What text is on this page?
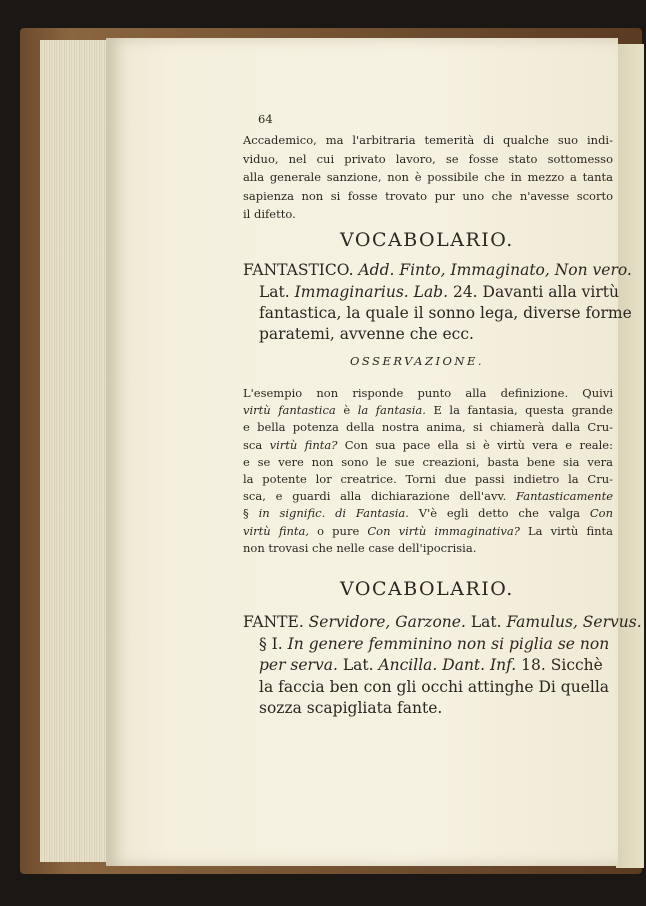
64
Accademico, ma l'arbitraria temerità di qualche suo indi-
viduo, nel cui privato lavoro, se fosse stato sottomesso
alla generale sanzione, non è possibile che in mezzo a tanta
sapienza non si fosse trovato pur uno che n'avesse scorto
il difetto.
VOCABOLARIO.
FANTASTICO. Add. Finto, Immaginato, Non vero.
Lat. Immaginarius. Lab. 24. Davanti alla virtù
fantastica, la quale il sonno lega, diverse forme
paratemi, avvenne che ecc.
OSSERVAZIONE.
L'esempio non risponde punto alla definizione. Quivi
virtù fantastica è la fantasia. E la fantasia, questa grande
e bella potenza della nostra anima, si chiamerà dalla Cru-
sca virtù finta? Con sua pace ella si è virtù vera e reale:
e se vere non sono le sue creazioni, basta bene sia vera
la potente lor creatrice. Torni due passi indietro la Cru-
sca, e guardi alla dichiarazione dell'avv. Fantasticamente
§ in signific. di Fantasia. V'è egli detto che valga Con
virtù finta, o pure Con virtù immaginativa? La virtù finta
non trovasi che nelle case dell'ipocrisia.
VOCABOLARIO.
FANTE. Servidore, Garzone. Lat. Famulus, Servus.
§ I. In genere femminino non si piglia se non
per serva. Lat. Ancilla. Dant. Inf. 18. Sicchè
la faccia ben con gli occhi attinghe Di quella
sozza scapigliata fante.
